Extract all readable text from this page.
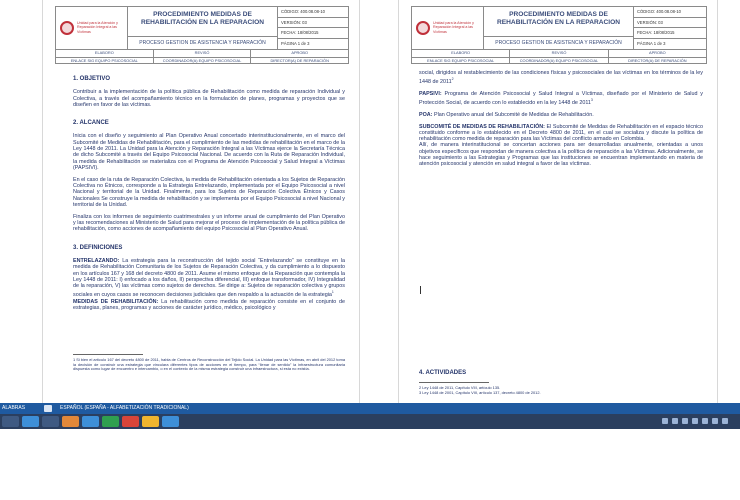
Unidad para la Atención y Reparación Integral a las Víctimas
PROCEDIMIENTO MEDIDAS DE REHABILITACIÓN EN LA REPARACION
PROCESO GESTION DE ASISTENCIA Y REPARACIÓN
CÓDIGO: 400.08.08-10
VERSIÓN: 03
FECHA: 18/08/2015
PÁGINA 1 de 3
ELABORO
ENLACE SIG EQUIPO PSICOSOCIAL
REVISÓ
COORDINADOR(A) EQUIPO PSICOSOCIAL
APROBO
DIRECTOR(A) DE REPARACIÓN
1. OBJETIVO

Contribuir a la implementación de la política pública de Rehabilitación como medida de reparación Individual y Colectiva, a través del acompañamiento técnico en la formulación de planes, programas y proyectos que se diseñen en favor de las víctimas.

2. ALCANCE

Inicia con el diseño y seguimiento al Plan Operativo Anual concertado interinstitucionalmente, en el marco del Subcomité de Medidas de Rehabilitación, para el cumplimiento de las medidas de rehabilitación en el marco de la Ley 1448 de 2011. La Unidad para la Atención y Reparación Integral a las Víctimas ejerce la Secretaría Técnica de dicho Subcomité a través del Equipo Psicosocial Nacional. De acuerdo con la Ruta de Reparación Individual, la medida de Rehabilitación se materializa con el Programa de Atención Psicosocial y Salud Integral a Víctimas (PAPSIVI).

En el caso de la ruta de Reparación Colectiva, la medida de Rehabilitación orientada a los Sujetos de Reparación Colectiva no Étnicos, corresponde a la Estrategia Entrelazando, implementada por el Equipo Psicosocial a nivel Nacional y territorial de la Unidad. Finalmente, para los Sujetos de Reparación Colectiva Étnicos y Casos Nacionales Se construye la medida de rehabilitación y se implementa por el Equipo Psicosocial a nivel Nacional y territorial de la Unidad.

Finaliza con los informes de seguimiento cuatrimestrales y un informe anual de cumplimiento del Plan Operativo y las recomendaciones al Ministerio de Salud para mejorar el proceso de implementación de la política pública de rehabilitación, como acciones de acompañamiento del equipo Psicosocial al Plan Operativo Anual.

3. DEFINICIONES

ENTRELAZANDO: La estrategia para la reconstrucción del tejido social “Entrelazando” se constituye en la medida de Rehabilitación Comunitaria de los Sujetos de Reparación Colectiva, y da cumplimiento a lo dispuesto en los artículos 167 y 168 del decreto 4800 de 2011. Asume el mismo enfoque de la Reparación que contempla la Ley 1448 de 2011: I) enfocado a los daños, II) perspectiva diferencial, III) enfoque transformador, IV) Integralidad de la reparación, V) las víctimas como sujetos de derechos. Se dirige a: Sujetos de reparación colectiva y grupos sociales en cuyos casos se reconocen decisiones judiciales que den respaldo a la actuación de la estrategia$^1$

MEDIDAS DE REHABILITACIÓN: La rehabilitación como medida de reparación consiste en el conjunto de estrategias, planes, programas y acciones de carácter jurídico, médico, psicológico y

1 Si bien el artículo 167 del decreto 4800 de 2011, habla de Centros de Reconstrucción del Tejido Social. La Unidad para las Víctimas, en abril del 2012 toma la decisión de construir una estrategia que vinculara diferentes tipos de acciones en el tiempo, para “llenar de sentido” la infraestructura comunitaria dispuesta como lugar de encuentro e intercambio, o en el contexto de la misma estrategia construir una infraestructura, si esta no existía.
Unidad para la Atención y Reparación Integral a las Víctimas
PROCEDIMIENTO MEDIDAS DE REHABILITACIÓN EN LA REPARACION
PROCESO GESTION DE ASISTENCIA Y REPARACIÓN
CÓDIGO: 400.08.08-10
VERSIÓN: 03
FECHA: 18/08/2015
PÁGINA 1 de 3
ELABORO
ENLACE SIG EQUIPO PSICOSOCIAL
REVISÓ
COORDINADOR(A) EQUIPO PSICOSOCIAL
APROBO
DIRECTOR(A) DE REPARACIÓN

social, dirigidos al restablecimiento de las condiciones físicas y psicosociales de las víctimas en los términos de la ley 1448 de 2011$^2$

PAPSIVI: Programa de Atención Psicosocial y Salud Integral a Víctimas, diseñado por el Ministerio de Salud y Protección Social, de acuerdo con lo establecido en la ley 1448 de 2011$^3$

POA: Plan Operativo anual del Subcomité de Medidas de Rehabilitación.

SUBCOMITÉ DE MEDIDAS DE REHABILITACIÓN: El Subcomité de Medidas de Rehabilitación en el espacio técnico constituido conforme a lo establecido en el Decreto 4800 de 2011, en el cual se socializa y discute la política de rehabilitación como medida de reparación para las Víctimas del conflicto armado en Colombia.

Allí, de manera interinstitucional se concertan acciones para ser desarrolladas anualmente, orientadas a unos objetivos específicos que respondan de manera colectiva a la política de reparación a las Víctimas. Adicionalmente, se hace seguimiento a las Estrategias y Programas que las instituciones se encuentran implementando en materia de atención psicosocial y atención en salud integral a favor de las víctimas.

4. ACTIVIDADES
2 Ley 1448 de 2011, Capítulo VIII, artículo 135.
3 Ley 1448 de 2001, Capítulo VIII, artículo 137, decreto 4800 de 2012.
ALABRAS	ESPAÑOL (ESPAÑA - ALFABETIZACIÓN TRADICIONAL)
